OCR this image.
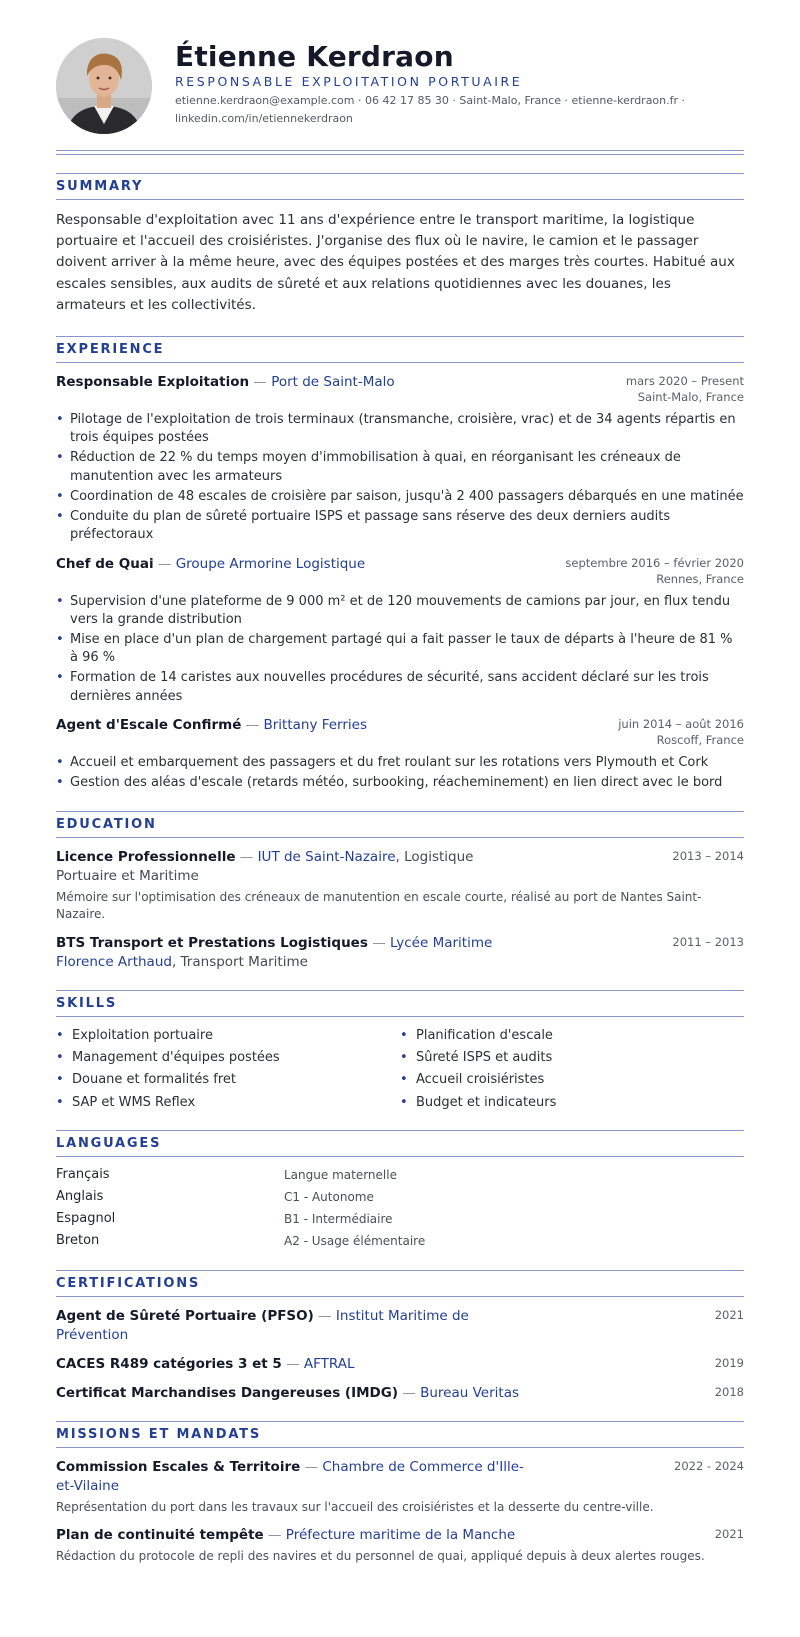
Étienne Kerdraon
RESPONSABLE EXPLOITATION PORTUAIRE
etienne.kerdraon@example.com · 06 42 17 85 30 · Saint-Malo, France · etienne-kerdraon.fr ·
linkedin.com/in/etiennekerdraon
SUMMARY

Responsable d'exploitation avec 11 ans d'expérience entre le transport maritime, la logistique portuaire et l'accueil des croisiéristes. J'organise des flux où le navire, le camion et le passager doivent arriver à la même heure, avec des équipes postées et des marges très courtes. Habitué aux escales sensibles, aux audits de sûreté et aux relations quotidiennes avec les douanes, les armateurs et les collectivités.

EXPERIENCE
Responsable Exploitation — Port de Saint-Malo	mars 2020 – Present
Saint-Malo, France
• Pilotage de l'exploitation de trois terminaux (transmanche, croisière, vrac) et de 34 agents répartis en trois équipes postées
• Réduction de 22 % du temps moyen d'immobilisation à quai, en réorganisant les créneaux de manutention avec les armateurs
• Coordination de 48 escales de croisière par saison, jusqu'à 2 400 passagers débarqués en une matinée
• Conduite du plan de sûreté portuaire ISPS et passage sans réserve des deux derniers audits préfectoraux
Chef de Quai — Groupe Armorine Logistique	septembre 2016 – février 2020
Rennes, France
• Supervision d'une plateforme de 9 000 m² et de 120 mouvements de camions par jour, en flux tendu vers la grande distribution
• Mise en place d'un plan de chargement partagé qui a fait passer le taux de départs à l'heure de 81 % à 96 %
• Formation de 14 caristes aux nouvelles procédures de sécurité, sans accident déclaré sur les trois dernières années
Agent d'Escale Confirmé — Brittany Ferries	juin 2014 – août 2016
Roscoff, France
• Accueil et embarquement des passagers et du fret roulant sur les rotations vers Plymouth et Cork
• Gestion des aléas d'escale (retards météo, surbooking, réacheminement) en lien direct avec le bord
EDUCATION
Licence Professionnelle — IUT de Saint-Nazaire, Logistique
Portuaire et Maritime
2013 – 2014
Mémoire sur l'optimisation des créneaux de manutention en escale courte, réalisé au port de Nantes Saint-Nazaire.
BTS Transport et Prestations Logistiques — Lycée Maritime
Florence Arthaud, Transport Maritime
2011 – 2013
SKILLS
• Exploitation portuaire	• Planification d'escale
• Management d'équipes postées	• Sûreté ISPS et audits
• Douane et formalités fret	• Accueil croisiéristes
• SAP et WMS Reflex	• Budget et indicateurs
LANGUAGES
Français	Langue maternelle
Anglais	C1 - Autonome
Espagnol	B1 - Intermédiaire
Breton	A2 - Usage élémentaire
CERTIFICATIONS
Agent de Sûreté Portuaire (PFSO) — Institut Maritime de
Prévention
2021
CACES R489 catégories 3 et 5 — AFTRAL	2019
Certificat Marchandises Dangereuses (IMDG) — Bureau Veritas	2018
MISSIONS ET MANDATS
Commission Escales & Territoire — Chambre de Commerce d'Ille-
et-Vilaine
2022 - 2024
Représentation du port dans les travaux sur l'accueil des croisiéristes et la desserte du centre-ville.
Plan de continuité tempête — Préfecture maritime de la Manche	2021
Rédaction du protocole de repli des navires et du personnel de quai, appliqué depuis à deux alertes rouges.
